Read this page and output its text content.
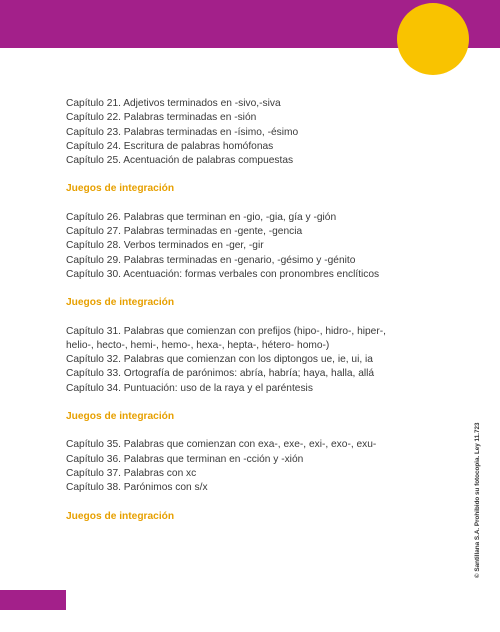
Capítulo 21. Adjetivos terminados en -sivo,-siva
Capítulo 22. Palabras terminadas en -sión
Capítulo 23. Palabras terminadas en -ísimo, -ésimo
Capítulo 24. Escritura de palabras homófonas
Capítulo 25. Acentuación de palabras compuestas
Juegos de integración
Capítulo 26. Palabras que terminan en -gio, -gia, gía y -gión
Capítulo 27. Palabras terminadas en -gente, -gencia
Capítulo 28. Verbos terminados en -ger, -gir
Capítulo 29. Palabras terminadas en -genario, -gésimo y -génito
Capítulo 30. Acentuación: formas verbales con pronombres enclíticos
Juegos de integración
Capítulo 31. Palabras que comienzan con prefijos (hipo-, hidro-, hiper-,
helio-, hecto-, hemi-, hemo-, hexa-, hepta-, hétero- homo-)
Capítulo 32. Palabras que comienzan con los diptongos ue, ie, ui, ia
Capítulo 33. Ortografía de parónimos: abría, habría; haya, halla, allá
Capítulo 34. Puntuación: uso de la raya y el paréntesis
Juegos de integración
Capítulo 35. Palabras que comienzan con exa-, exe-, exi-, exo-, exu-
Capítulo 36. Palabras que terminan en -cción y -xión
Capítulo 37. Palabras con xc
Capítulo 38. Parónimos con s/x
Juegos de integración	© Santillana S.A. Prohibido su fotocopia. Ley 11.723
